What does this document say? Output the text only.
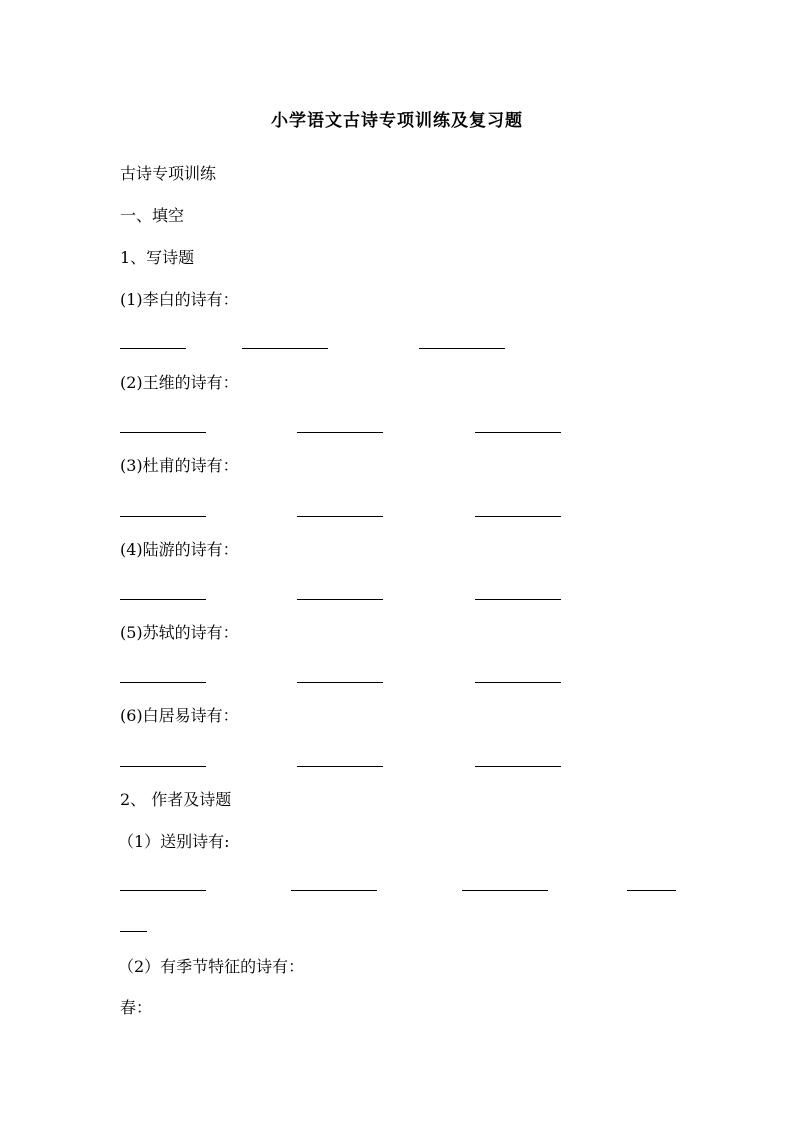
小学语文古诗专项训练及复习题
古诗专项训练
一、填空
1、写诗题
(1)李白的诗有：
(2)王维的诗有：
(3)杜甫的诗有：
(4)陆游的诗有：
(5)苏轼的诗有：
(6)白居易诗有：
2、 作者及诗题
（1）送别诗有:
（2）有季节特征的诗有：
春：
